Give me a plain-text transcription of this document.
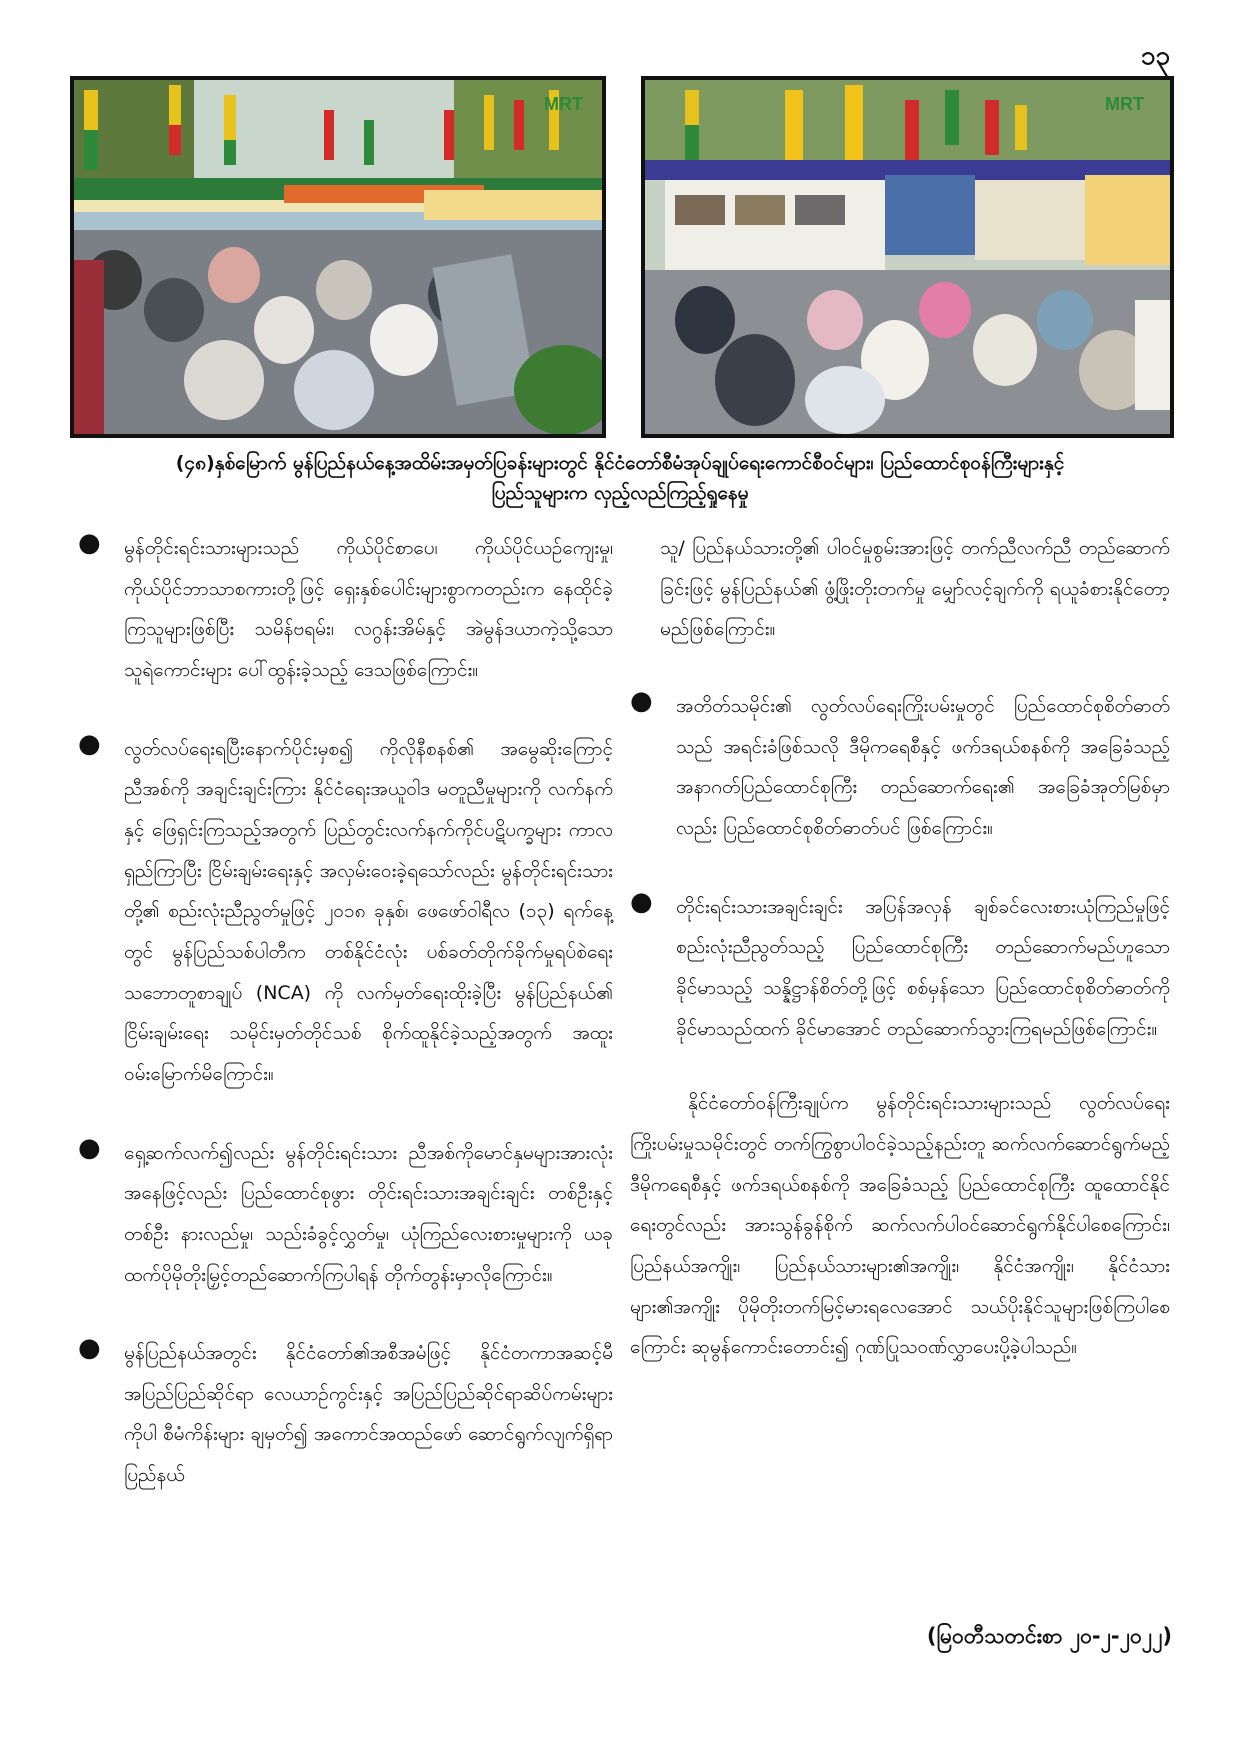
၁၃
MRT	MRT
(၄၈)နှစ်မြောက် မွန်ပြည်နယ်နေ့အထိမ်းအမှတ်ပြခန်းများတွင် နိုင်ငံတော်စီမံအုပ်ချုပ်ရေးကောင်စီဝင်များ၊ ပြည်ထောင်စုဝန်ကြီးများနှင့်
ပြည်သူများက လှည့်လည်ကြည့်ရှုနေမှု
● မွန်တိုင်းရင်းသားများသည် ကိုယ်ပိုင်စာပေ၊ ကိုယ်ပိုင်ယဉ်ကျေးမှု၊ ကိုယ်ပိုင်ဘာသာစကားတို့ဖြင့် ရှေးနှစ်ပေါင်းများစွာကတည်းက နေထိုင်ခဲ့ကြသူများဖြစ်ပြီး သမိန်ဗရမ်း၊ လဂွန်းအိမ်နှင့် အဲမွန်ဒယာကဲ့သို့သော သူရဲကောင်းများ ပေါ်ထွန်းခဲ့သည့် ဒေသဖြစ်ကြောင်း။
● လွတ်လပ်ရေးရပြီးနောက်ပိုင်းမှစ၍ ကိုလိုနီစနစ်၏ အမွေဆိုးကြောင့် ညီအစ်ကို အချင်းချင်းကြား နိုင်ငံရေးအယူဝါဒ မတူညီမှုများကို လက်နက်နှင့် ဖြေရှင်းကြသည့်အတွက် ပြည်တွင်းလက်နက်ကိုင်ပဋိပက္ခများ ကာလရှည်ကြာပြီး ငြိမ်းချမ်းရေးနှင့် အလှမ်းဝေးခဲ့ရသော်လည်း မွန်တိုင်းရင်းသားတို့၏ စည်းလုံးညီညွတ်မှုဖြင့် ၂၀၁၈ ခုနှစ်၊ ဖေဖော်ဝါရီလ (၁၃) ရက်နေ့တွင် မွန်ပြည်သစ်ပါတီက တစ်နိုင်ငံလုံး ပစ်ခတ်တိုက်ခိုက်မှုရပ်စဲရေးသဘောတူစာချုပ် (NCA) ကို လက်မှတ်ရေးထိုးခဲ့ပြီး မွန်ပြည်နယ်၏ ငြိမ်းချမ်းရေး သမိုင်းမှတ်တိုင်သစ် စိုက်ထူနိုင်ခဲ့သည့်အတွက် အထူးဝမ်းမြောက်မိကြောင်း။
● ရှေ့ဆက်လက်၍လည်း မွန်တိုင်းရင်းသား ညီအစ်ကိုမောင်နှမများအားလုံးအနေဖြင့်လည်း ပြည်ထောင်စုဖွား တိုင်းရင်းသားအချင်းချင်း တစ်ဦးနှင့်တစ်ဦး နားလည်မှု၊ သည်းခံခွင့်လွှတ်မှု၊ ယုံကြည်လေးစားမှုများကို ယခုထက်ပိုမိုတိုးမြှင့်တည်ဆောက်ကြပါရန် တိုက်တွန်းမှာလိုကြောင်း။
● မွန်ပြည်နယ်အတွင်း နိုင်ငံတော်၏အစီအမံဖြင့် နိုင်ငံတကာအဆင့်မီ အပြည်ပြည်ဆိုင်ရာ လေယာဉ်ကွင်းနှင့် အပြည်ပြည်ဆိုင်ရာဆိပ်ကမ်းများကိုပါ စီမံကိန်းများ ချမှတ်၍ အကောင်အထည်ဖော် ဆောင်ရွက်လျက်ရှိရာ ပြည်နယ်
သူ/ ပြည်နယ်သားတို့၏ ပါဝင်မှုစွမ်းအားဖြင့် တက်ညီလက်ညီ တည်ဆောက်ခြင်းဖြင့် မွန်ပြည်နယ်၏ ဖွံ့ဖြိုးတိုးတက်မှု မျှော်လင့်ချက်ကို ရယူခံစားနိုင်တော့မည်ဖြစ်ကြောင်း။
● အတိတ်သမိုင်း၏ လွတ်လပ်ရေးကြိုးပမ်းမှုတွင် ပြည်ထောင်စုစိတ်ဓာတ်သည် အရင်းခံဖြစ်သလို ဒီမိုကရေစီနှင့် ဖက်ဒရယ်စနစ်ကို အခြေခံသည့် အနာဂတ်ပြည်ထောင်စုကြီး တည်ဆောက်ရေး၏ အခြေခံအုတ်မြစ်မှာလည်း ပြည်ထောင်စုစိတ်ဓာတ်ပင် ဖြစ်ကြောင်း။
● တိုင်းရင်းသားအချင်းချင်း အပြန်အလှန် ချစ်ခင်လေးစားယုံကြည်မှုဖြင့် စည်းလုံးညီညွတ်သည့် ပြည်ထောင်စုကြီး တည်ဆောက်မည်ဟူသော ခိုင်မာသည့် သန္နိဋ္ဌာန်စိတ်တို့ဖြင့် စစ်မှန်သော ပြည်ထောင်စုစိတ်ဓာတ်ကို ခိုင်မာသည်ထက် ခိုင်မာအောင် တည်ဆောက်သွားကြရမည်ဖြစ်ကြောင်း။
နိုင်ငံတော်ဝန်ကြီးချုပ်က မွန်တိုင်းရင်းသားများသည် လွတ်လပ်ရေး ကြိုးပမ်းမှုသမိုင်းတွင် တက်ကြွစွာပါဝင်ခဲ့သည့်နည်းတူ ဆက်လက်ဆောင်ရွက်မည့် ဒီမိုကရေစီနှင့် ဖက်ဒရယ်စနစ်ကို အခြေခံသည့် ပြည်ထောင်စုကြီး ထူထောင်နိုင်ရေးတွင်လည်း အားသွန်ခွန်စိုက် ဆက်လက်ပါဝင်ဆောင်ရွက်နိုင်ပါစေကြောင်း၊ ပြည်နယ်အကျိုး၊ ပြည်နယ်သားများ၏အကျိုး၊ နိုင်ငံအကျိုး၊ နိုင်ငံသားများ၏အကျိုး ပိုမိုတိုးတက်မြင့်မားရလေအောင် သယ်ပိုးနိုင်သူများဖြစ်ကြပါစေကြောင်း ဆုမွန်ကောင်းတောင်း၍ ဂုဏ်ပြုသဝဏ်လွှာပေးပို့ခဲ့ပါသည်။
(မြဝတီသတင်းစာ ၂၀-၂-၂၀၂၂)
